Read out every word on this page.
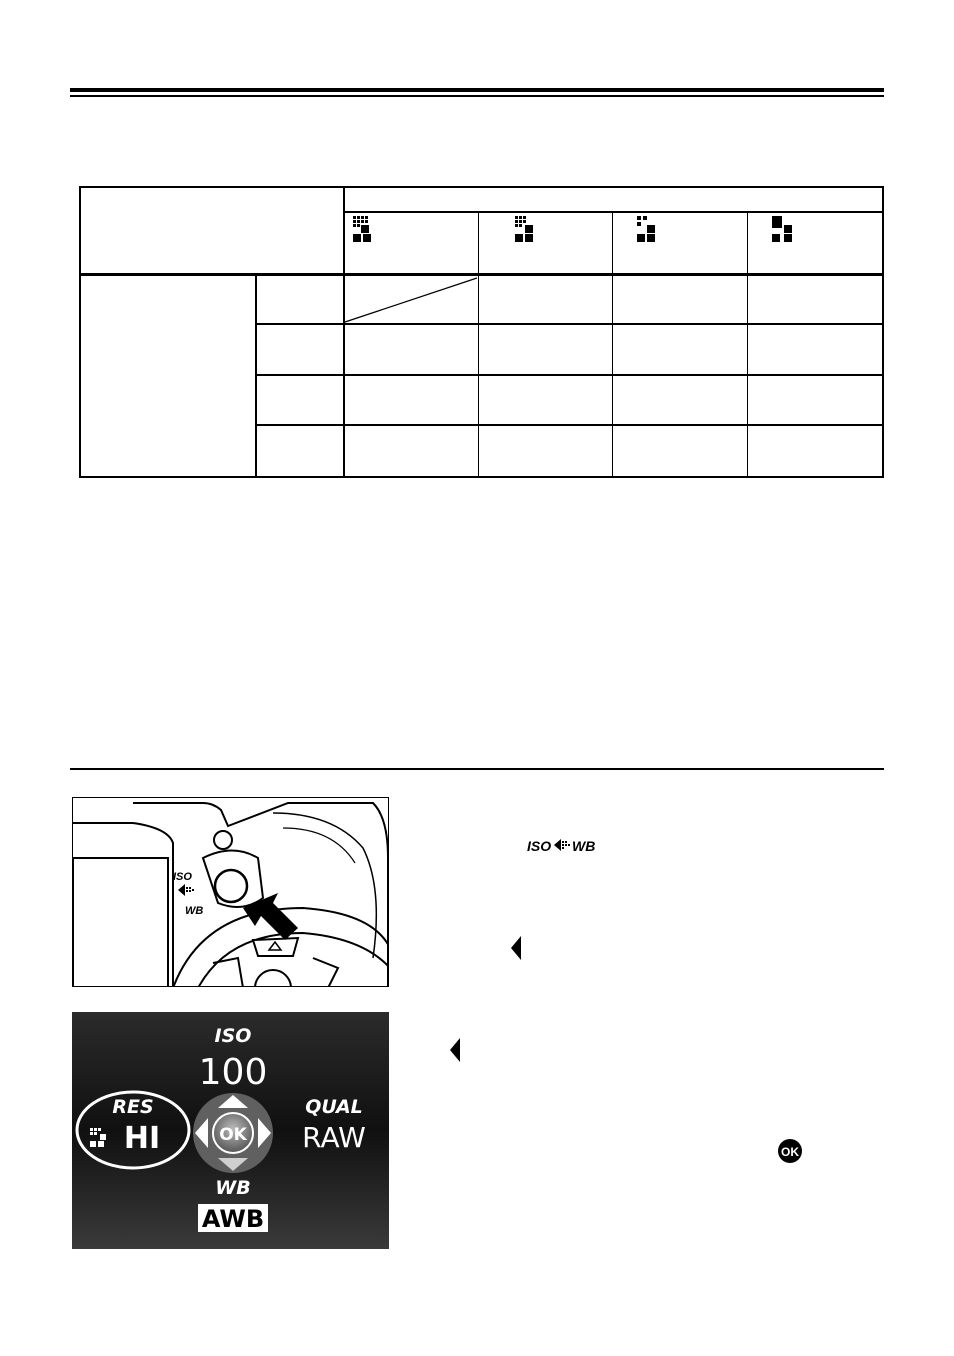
ISO
WB
ISO
100
OK
RES
HI
QUAL
RAW
WB
AWB
ISO WB
OK
